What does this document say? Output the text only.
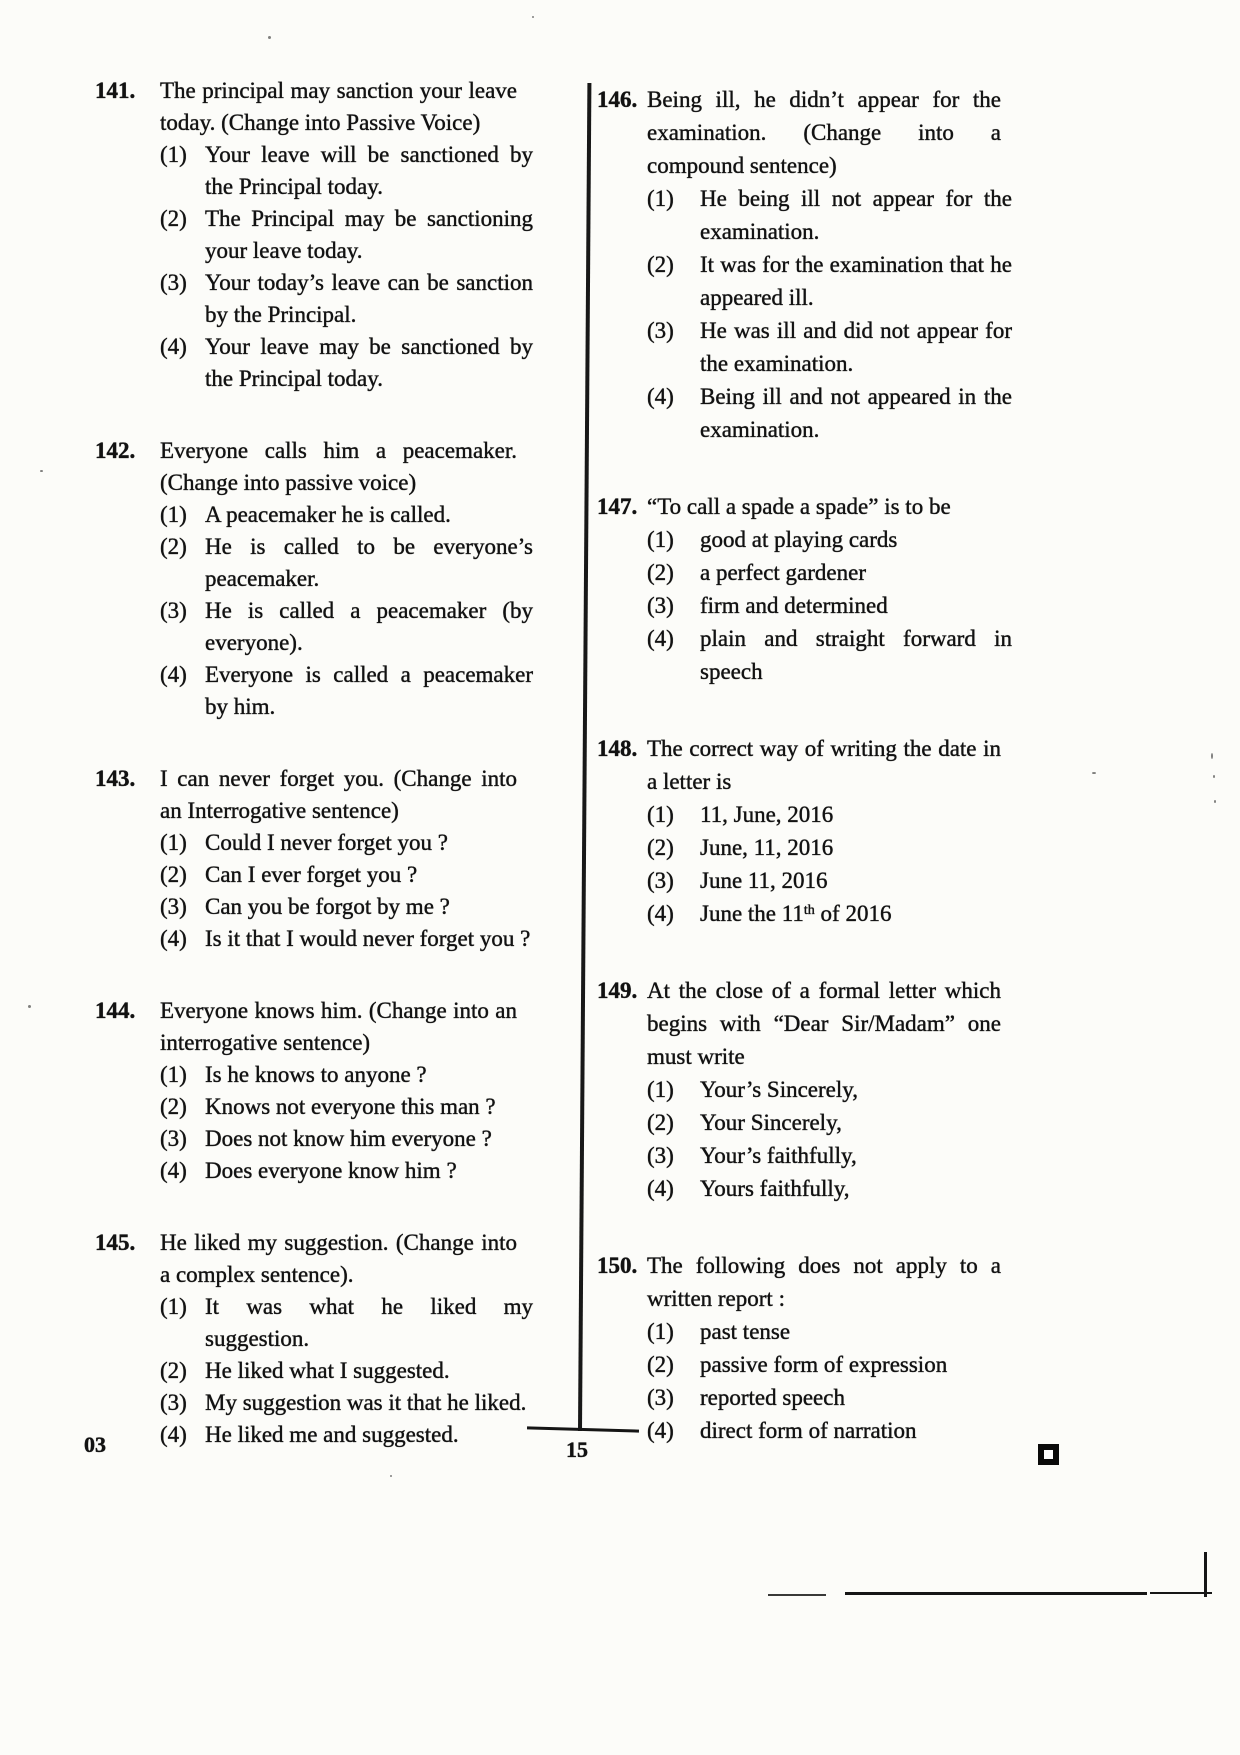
141.	The principal may sanction your leave today. (Change into Passive Voice)
(1) Your leave will be sanctioned by the Principal today.
(2) The Principal may be sanctioning your leave today.
(3) Your today’s leave can be sanction by the Principal.
(4) Your leave may be sanctioned by the Principal today.
142.	Everyone calls him a peacemaker. (Change into passive voice)
(1) A peacemaker he is called.
(2) He is called to be everyone’s peacemaker.
(3) He is called a peacemaker (by everyone).
(4) Everyone is called a peacemaker by him.
143.	I can never forget you. (Change into an Interrogative sentence)
(1) Could I never forget you ?
(2) Can I ever forget you ?
(3) Can you be forgot by me ?
(4) Is it that I would never forget you ?
144.	Everyone knows him. (Change into an interrogative sentence)
(1) Is he knows to anyone ?
(2) Knows not everyone this man ?
(3) Does not know him everyone ?
(4) Does everyone know him ?
145.	He liked my suggestion. (Change into a complex sentence).
(1) It was what he liked my suggestion.
(2) He liked what I suggested.
(3) My suggestion was it that he liked.
(4) He liked me and suggested.
146. Being ill, he didn’t appear for the examination. (Change into a compound sentence)
(1)	He being ill not appear for the examination.
(2)	It was for the examination that he appeared ill.
(3)	He was ill and did not appear for the examination.
(4)	Being ill and not appeared in the examination.
147. “To call a spade a spade” is to be
(1)	good at playing cards
(2)	a perfect gardener
(3)	firm and determined
(4)	plain and straight forward in speech
148. The correct way of writing the date in a letter is
(1)	11, June, 2016
(2)	June, 11, 2016
(3)	June 11, 2016
(4)	June the 11th of 2016
149. At the close of a formal letter which begins with “Dear Sir/Madam” one must write
(1)	Your’s Sincerely,
(2)	Your Sincerely,
(3)	Your’s faithfully,
(4)	Yours faithfully,
150. The following does not apply to a written report :
(1)	past tense
(2)	passive form of expression
(3)	reported speech
(4)	direct form of narration
03	15
